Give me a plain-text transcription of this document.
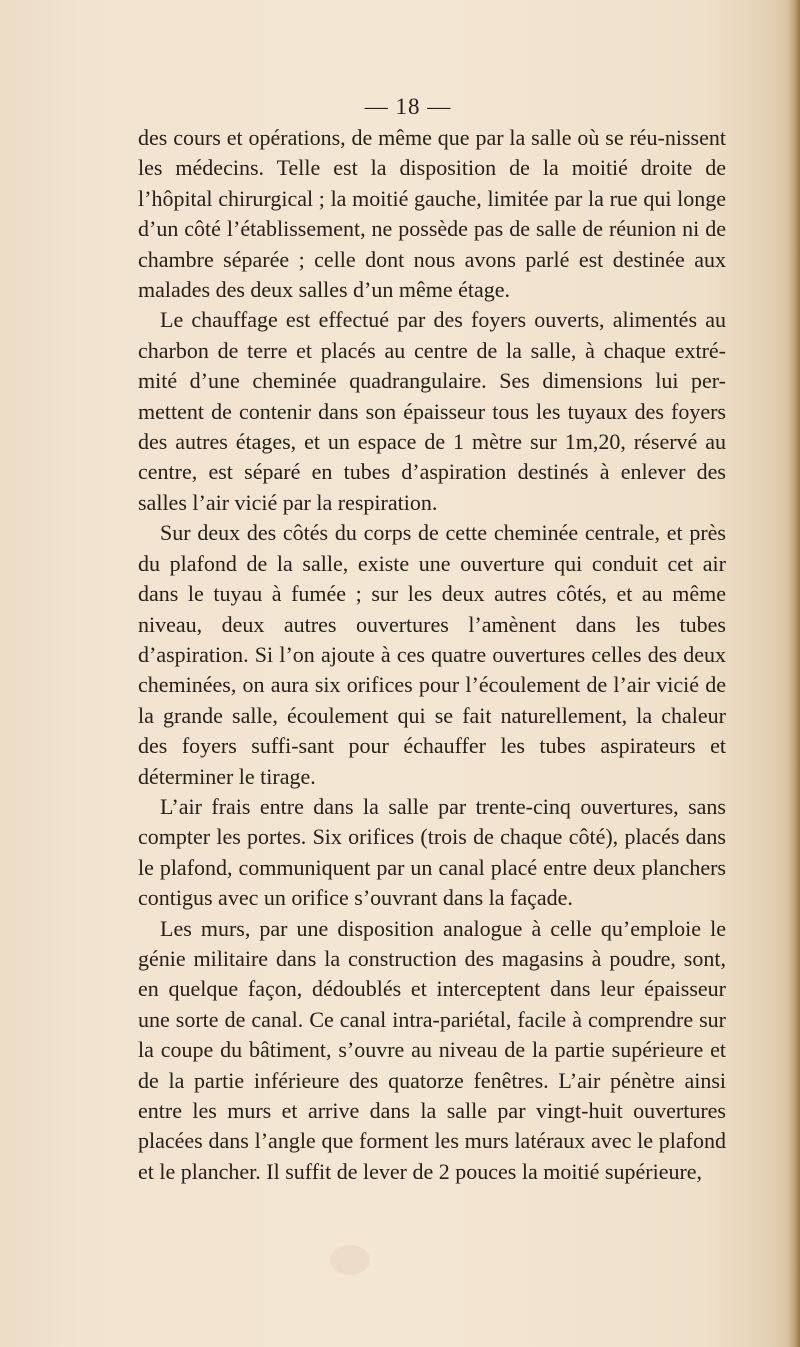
— 18 —

des cours et opérations, de même que par la salle où se réu-nissent les médecins. Telle est la disposition de la moitié droite de l’hôpital chirurgical ; la moitié gauche, limitée par la rue qui longe d’un côté l’établissement, ne possède pas de salle de réunion ni de chambre séparée ; celle dont nous avons parlé est destinée aux malades des deux salles d’un même étage.

Le chauffage est effectué par des foyers ouverts, alimentés au charbon de terre et placés au centre de la salle, à chaque extré-mité d’une cheminée quadrangulaire. Ses dimensions lui per-mettent de contenir dans son épaisseur tous les tuyaux des foyers des autres étages, et un espace de 1 mètre sur 1m,20, réservé au centre, est séparé en tubes d’aspiration destinés à enlever des salles l’air vicié par la respiration.

Sur deux des côtés du corps de cette cheminée centrale, et près du plafond de la salle, existe une ouverture qui conduit cet air dans le tuyau à fumée ; sur les deux autres côtés, et au même niveau, deux autres ouvertures l’amènent dans les tubes d’aspiration. Si l’on ajoute à ces quatre ouvertures celles des deux cheminées, on aura six orifices pour l’écoulement de l’air vicié de la grande salle, écoulement qui se fait naturellement, la chaleur des foyers suffi-sant pour échauffer les tubes aspirateurs et déterminer le tirage.

L’air frais entre dans la salle par trente-cinq ouvertures, sans compter les portes. Six orifices (trois de chaque côté), placés dans le plafond, communiquent par un canal placé entre deux planchers contigus avec un orifice s’ouvrant dans la façade.

Les murs, par une disposition analogue à celle qu’emploie le génie militaire dans la construction des magasins à poudre, sont, en quelque façon, dédoublés et interceptent dans leur épaisseur une sorte de canal. Ce canal intra-pariétal, facile à comprendre sur la coupe du bâtiment, s’ouvre au niveau de la partie supérieure et de la partie inférieure des quatorze fenêtres. L’air pénètre ainsi entre les murs et arrive dans la salle par vingt-huit ouvertures placées dans l’angle que forment les murs latéraux avec le plafond et le plancher. Il suffit de lever de 2 pouces la moitié supérieure,
